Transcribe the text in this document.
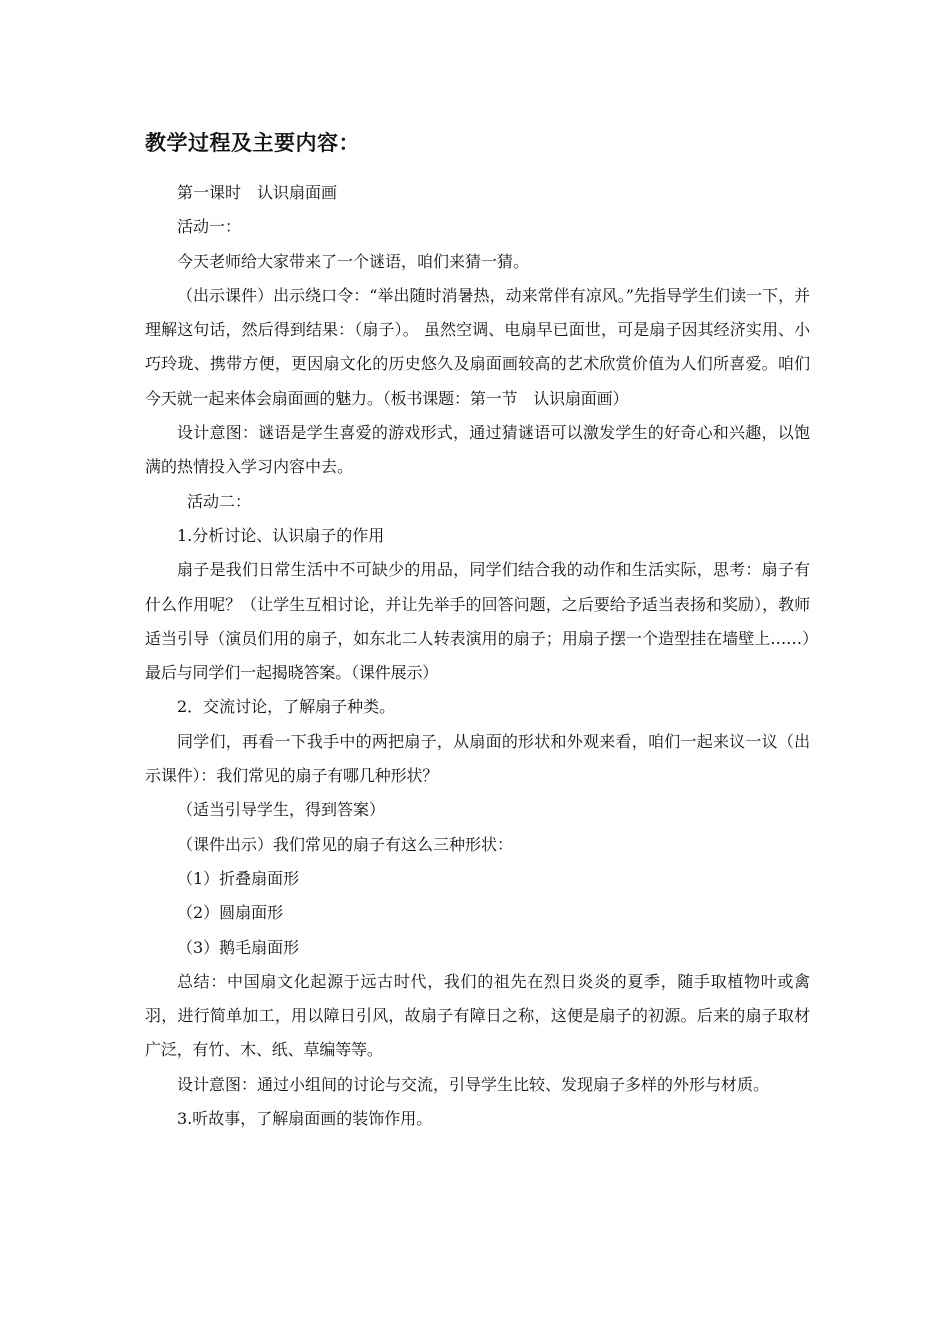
教学过程及主要内容：

第一课时　认识扇面画

活动一：

今天老师给大家带来了一个谜语，咱们来猜一猜。

（出示课件）出示绕口令：“举出随时消暑热，动来常伴有凉风。”先指导学生们读一下，并理解这句话，然后得到结果：（扇子）。 虽然空调、电扇早已面世，可是扇子因其经济实用、小巧玲珑、携带方便，更因扇文化的历史悠久及扇面画较高的艺术欣赏价值为人们所喜爱。咱们今天就一起来体会扇面画的魅力。（板书课题：第一节　认识扇面画）

设计意图：谜语是学生喜爱的游戏形式，通过猜谜语可以激发学生的好奇心和兴趣，以饱满的热情投入学习内容中去。

活动二：

1.分析讨论、认识扇子的作用

扇子是我们日常生活中不可缺少的用品，同学们结合我的动作和生活实际，思考：扇子有什么作用呢？（让学生互相讨论，并让先举手的回答问题，之后要给予适当表扬和奖励），教师适当引导（演员们用的扇子，如东北二人转表演用的扇子；用扇子摆一个造型挂在墙壁上……）最后与同学们一起揭晓答案。（课件展示）

2．交流讨论，了解扇子种类。

同学们，再看一下我手中的两把扇子，从扇面的形状和外观来看，咱们一起来议一议（出示课件）：我们常见的扇子有哪几种形状？

（适当引导学生，得到答案）

（课件出示）我们常见的扇子有这么三种形状：

（1）折叠扇面形

（2）圆扇面形

（3）鹅毛扇面形

总结：中国扇文化起源于远古时代，我们的祖先在烈日炎炎的夏季，随手取植物叶或禽羽，进行简单加工，用以障日引风，故扇子有障日之称，这便是扇子的初源。后来的扇子取材广泛，有竹、木、纸、草编等等。

设计意图：通过小组间的讨论与交流，引导学生比较、发现扇子多样的外形与材质。

3.听故事，了解扇面画的装饰作用。
